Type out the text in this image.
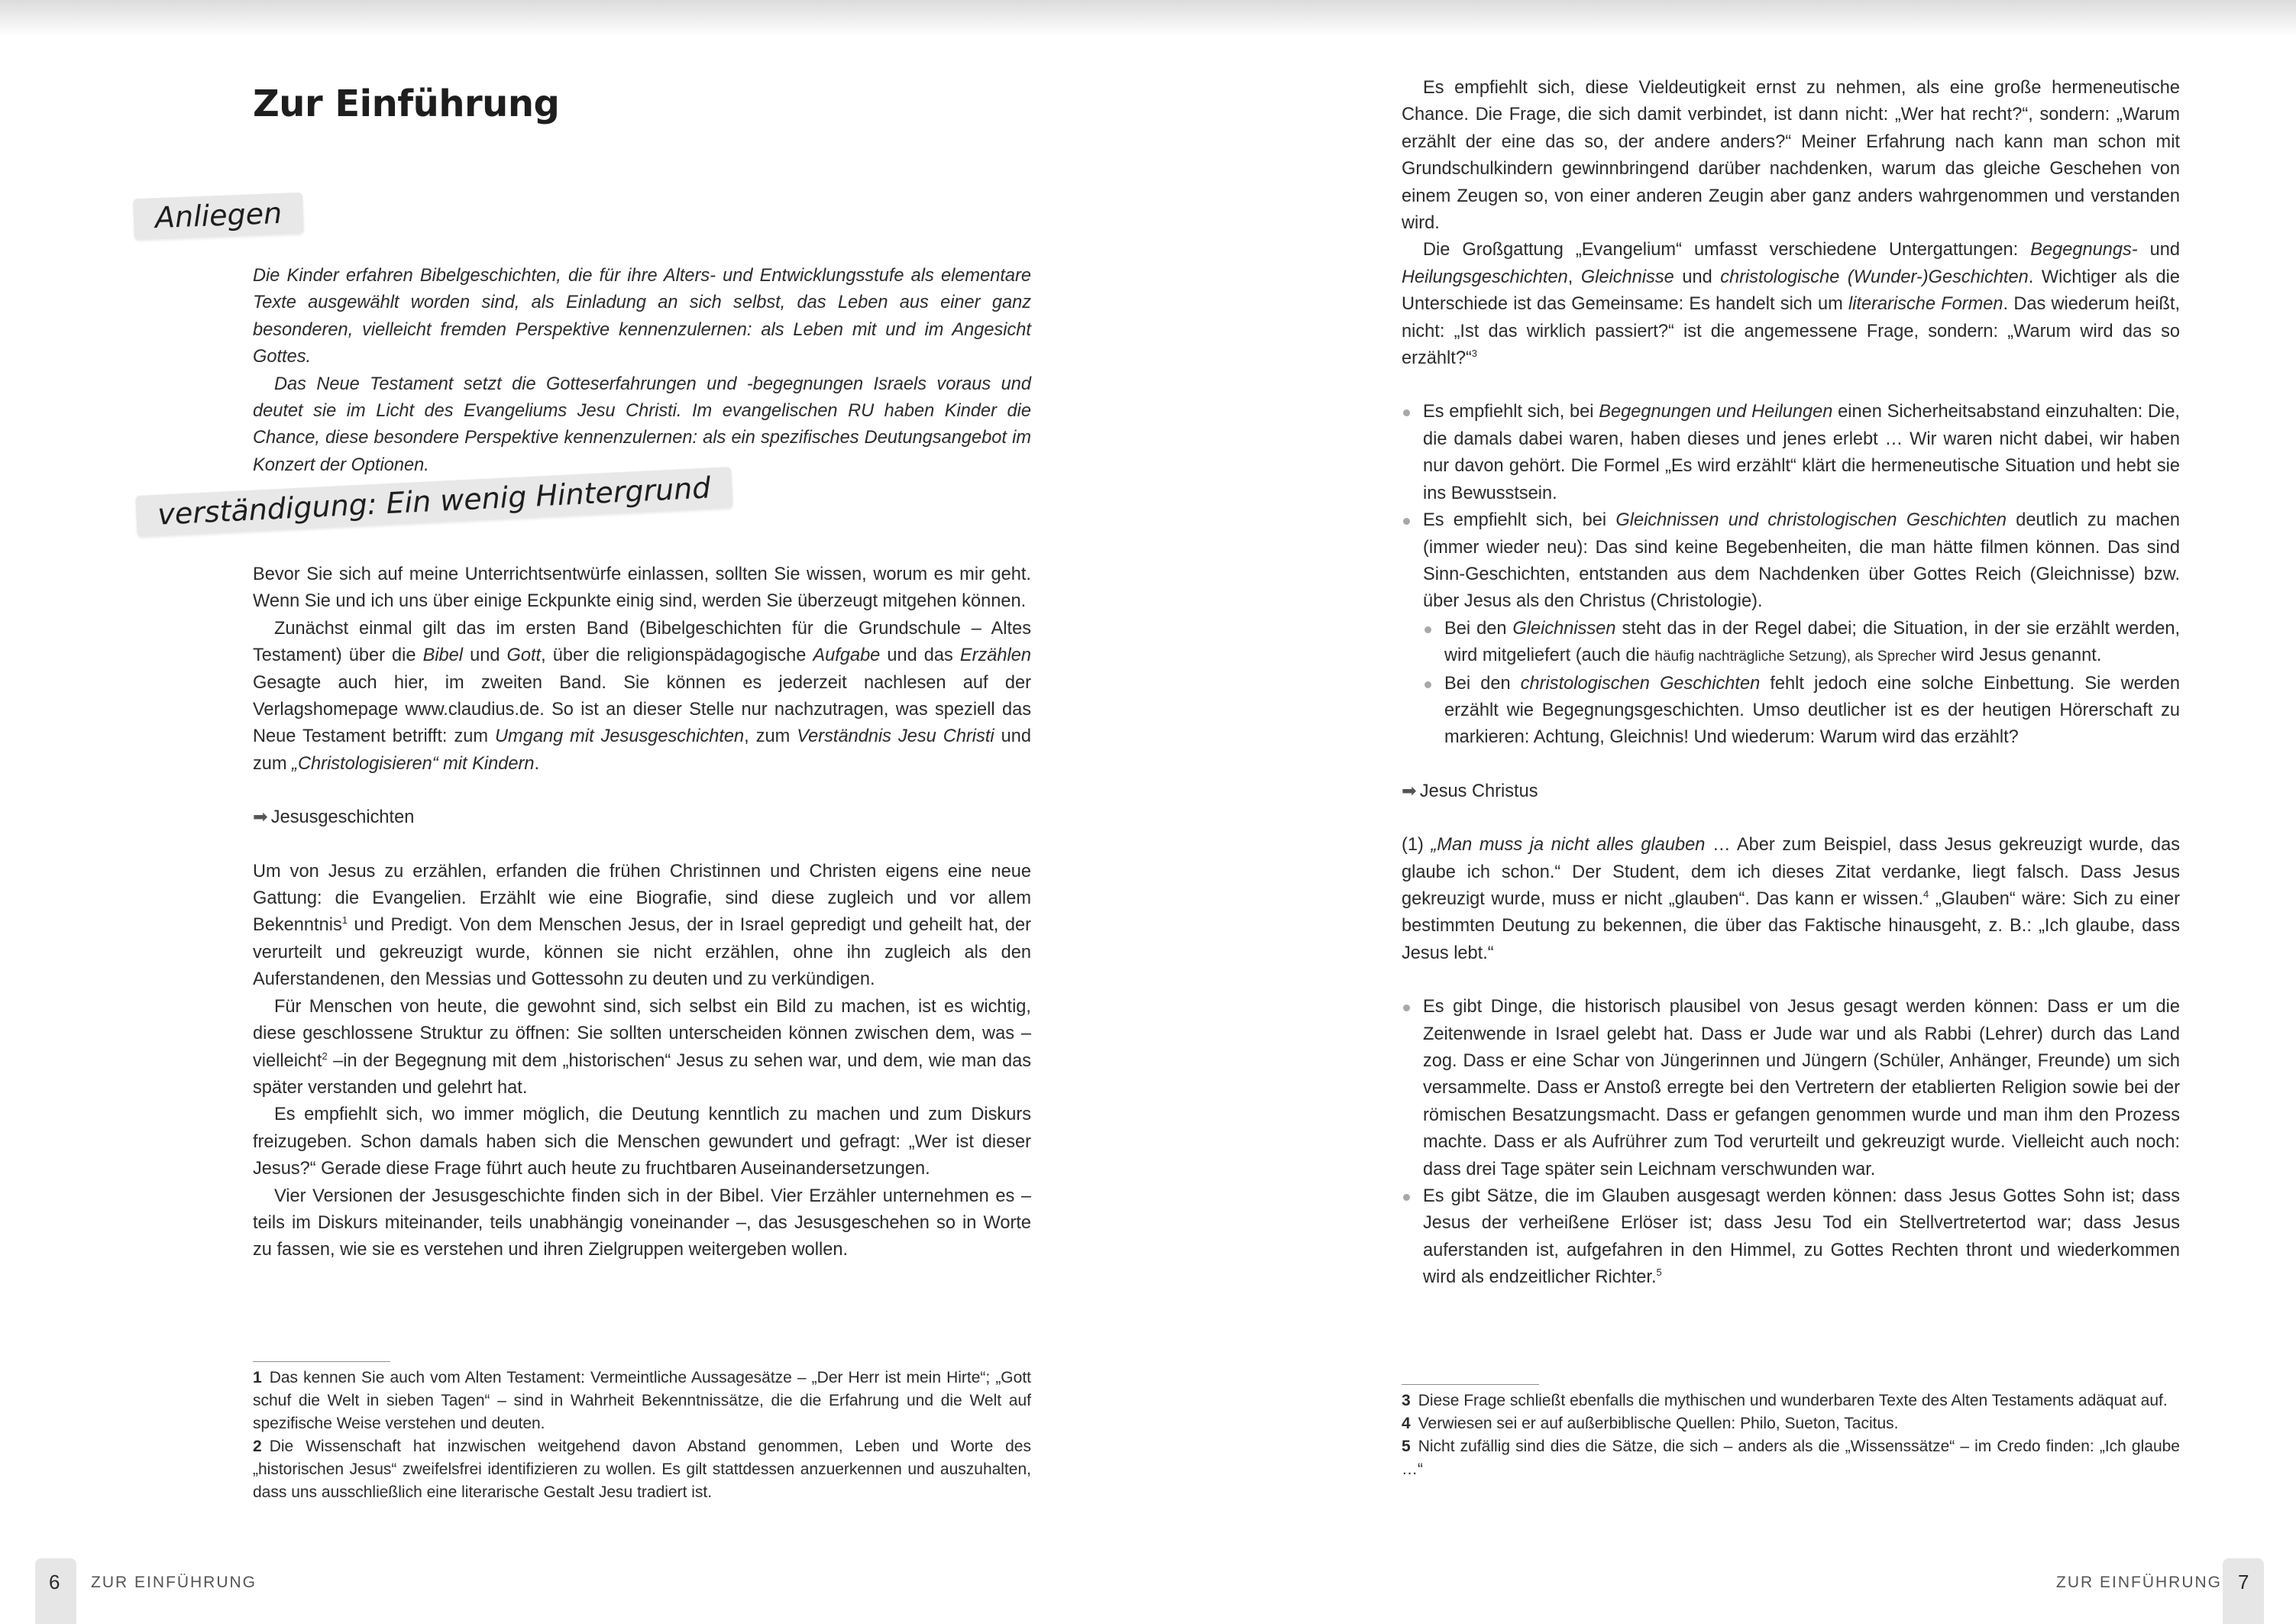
Zur Einführung
Anliegen

Die Kinder erfahren Bibelgeschichten, die für ihre Alters- und Entwicklungsstufe als elementare Texte ausgewählt worden sind, als Einladung an sich selbst, das Leben aus einer ganz besonderen, vielleicht fremden Perspektive kennenzulernen: als Leben mit und im Angesicht Gottes.

Das Neue Testament setzt die Gotteserfahrungen und -begegnungen Israels voraus und deutet sie im Licht des Evangeliums Jesu Christi. Im evangelischen RU haben Kinder die Chance, diese besondere Perspektive kennenzulernen: als ein spezifisches Deutungsangebot im Konzert der Optionen.

verständigung: Ein wenig Hintergrund

Bevor Sie sich auf meine Unterrichtsentwürfe einlassen, sollten Sie wissen, worum es mir geht. Wenn Sie und ich uns über einige Eckpunkte einig sind, werden Sie überzeugt mitgehen können.

Zunächst einmal gilt das im ersten Band (Bibelgeschichten für die Grundschule – Altes Testament) über die Bibel und Gott, über die religionspädagogische Aufgabe und das Erzählen Gesagte auch hier, im zweiten Band. Sie können es jederzeit nachlesen auf der Verlagshomepage www.claudius.de. So ist an dieser Stelle nur nachzutragen, was speziell das Neue Testament betrifft: zum Umgang mit Jesusgeschichten, zum Verständnis Jesu Christi und zum „Christologisieren“ mit Kindern.

➡ Jesusgeschichten

Um von Jesus zu erzählen, erfanden die frühen Christinnen und Christen eigens eine neue Gattung: die Evangelien. Erzählt wie eine Biografie, sind diese zugleich und vor allem Bekenntnis$^1$ und Predigt. Von dem Menschen Jesus, der in Israel gepredigt und geheilt hat, der verurteilt und gekreuzigt wurde, können sie nicht erzählen, ohne ihn zugleich als den Auferstandenen, den Messias und Gottessohn zu deuten und zu verkündigen.

Für Menschen von heute, die gewohnt sind, sich selbst ein Bild zu machen, ist es wichtig, diese geschlossene Struktur zu öffnen: Sie sollten unterscheiden können zwischen dem, was – vielleicht$^2$ –in der Begegnung mit dem „historischen“ Jesus zu sehen war, und dem, wie man das später verstanden und gelehrt hat.

Es empfiehlt sich, wo immer möglich, die Deutung kenntlich zu machen und zum Diskurs freizugeben. Schon damals haben sich die Menschen gewundert und gefragt: „Wer ist dieser Jesus?“ Gerade diese Frage führt auch heute zu fruchtbaren Auseinandersetzungen.

Vier Versionen der Jesusgeschichte finden sich in der Bibel. Vier Erzähler unternehmen es – teils im Diskurs miteinander, teils unabhängig voneinander –, das Jesusgeschehen so in Worte zu fassen, wie sie es verstehen und ihren Zielgruppen weitergeben wollen.

1 Das kennen Sie auch vom Alten Testament: Vermeintliche Aussagesätze – „Der Herr ist mein Hirte“; „Gott schuf die Welt in sieben Tagen“ – sind in Wahrheit Bekenntnissätze, die die Erfahrung und die Welt auf spezifische Weise verstehen und deuten.

2 Die Wissenschaft hat inzwischen weitgehend davon Abstand genommen, Leben und Worte des „historischen Jesus“ zweifelsfrei identifizieren zu wollen. Es gilt stattdessen anzuerkennen und auszuhalten, dass uns ausschließlich eine literarische Gestalt Jesu tradiert ist.

6 ZUR EINFÜHRUNG

Es empfiehlt sich, diese Vieldeutigkeit ernst zu nehmen, als eine große hermeneutische Chance. Die Frage, die sich damit verbindet, ist dann nicht: „Wer hat recht?“, sondern: „Warum erzählt der eine das so, der andere anders?“ Meiner Erfahrung nach kann man schon mit Grundschulkindern gewinnbringend darüber nachdenken, warum das gleiche Geschehen von einem Zeugen so, von einer anderen Zeugin aber ganz anders wahrgenommen und verstanden wird.

Die Großgattung „Evangelium“ umfasst verschiedene Untergattungen: Begegnungs- und Heilungsgeschichten, Gleichnisse und christologische (Wunder-)Geschichten. Wichtiger als die Unterschiede ist das Gemeinsame: Es handelt sich um literarische Formen. Das wiederum heißt, nicht: „Ist das wirklich passiert?“ ist die angemessene Frage, sondern: „Warum wird das so erzählt?“$^3$

Es empfiehlt sich, bei Begegnungen und Heilungen einen Sicherheitsabstand einzuhalten: Die, die damals dabei waren, haben dieses und jenes erlebt … Wir waren nicht dabei, wir haben nur davon gehört. Die Formel „Es wird erzählt“ klärt die hermeneutische Situation und hebt sie ins Bewusstsein.
Es empfiehlt sich, bei Gleichnissen und christologischen Geschichten deutlich zu machen (immer wieder neu): Das sind keine Begebenheiten, die man hätte filmen können. Das sind Sinn-Geschichten, entstanden aus dem Nachdenken über Gottes Reich (Gleichnisse) bzw. über Jesus als den Christus (Christologie).
Bei den Gleichnissen steht das in der Regel dabei; die Situation, in der sie erzählt werden, wird mitgeliefert (auch die häufig nachträgliche Setzung), als Sprecher wird Jesus genannt.
Bei den christologischen Geschichten fehlt jedoch eine solche Einbettung. Sie werden erzählt wie Begegnungsgeschichten. Umso deutlicher ist es der heutigen Hörerschaft zu markieren: Achtung, Gleichnis! Und wiederum: Warum wird das erzählt?

➡ Jesus Christus

(1) „Man muss ja nicht alles glauben … Aber zum Beispiel, dass Jesus gekreuzigt wurde, das glaube ich schon.“ Der Student, dem ich dieses Zitat verdanke, liegt falsch. Dass Jesus gekreuzigt wurde, muss er nicht „glauben“. Das kann er wissen.$^4$ „Glauben“ wäre: Sich zu einer bestimmten Deutung zu bekennen, die über das Faktische hinausgeht, z. B.: „Ich glaube, dass Jesus lebt.“

Es gibt Dinge, die historisch plausibel von Jesus gesagt werden können: Dass er um die Zeitenwende in Israel gelebt hat. Dass er Jude war und als Rabbi (Lehrer) durch das Land zog. Dass er eine Schar von Jüngerinnen und Jüngern (Schüler, Anhänger, Freunde) um sich versammelte. Dass er Anstoß erregte bei den Vertretern der etablierten Religion sowie bei der römischen Besatzungsmacht. Dass er gefangen genommen wurde und man ihm den Prozess machte. Dass er als Aufrührer zum Tod verurteilt und gekreuzigt wurde. Vielleicht auch noch: dass drei Tage später sein Leichnam verschwunden war.
Es gibt Sätze, die im Glauben ausgesagt werden können: dass Jesus Gottes Sohn ist; dass Jesus der verheißene Erlöser ist; dass Jesu Tod ein Stellvertretertod war; dass Jesus auferstanden ist, aufgefahren in den Himmel, zu Gottes Rechten thront und wiederkommen wird als endzeitlicher Richter.$^5$

3 Diese Frage schließt ebenfalls die mythischen und wunderbaren Texte des Alten Testaments adäquat auf.

4 Verwiesen sei er auf außerbiblische Quellen: Philo, Sueton, Tacitus.

5 Nicht zufällig sind dies die Sätze, die sich – anders als die „Wissenssätze“ – im Credo finden: „Ich glaube …“

ZUR EINFÜHRUNG 7
